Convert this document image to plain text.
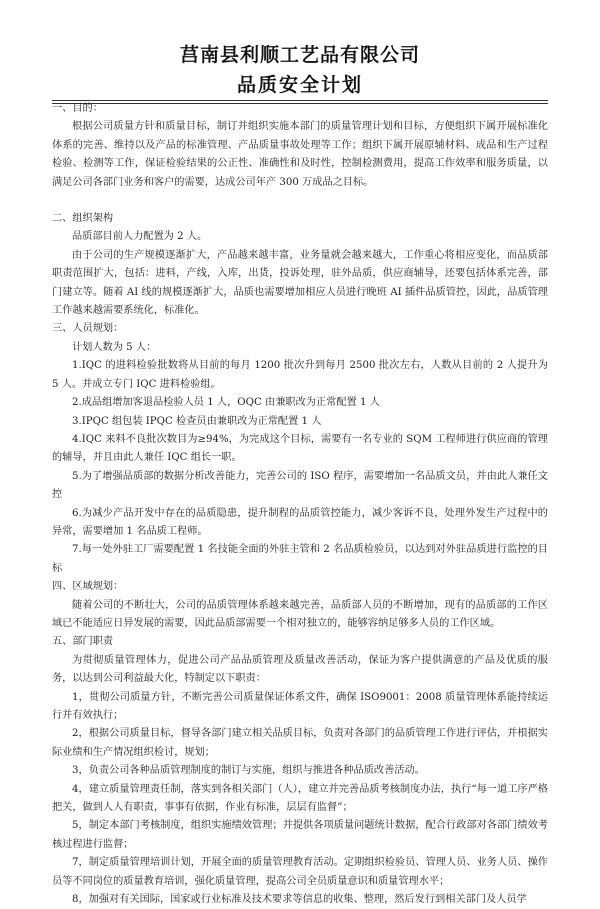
莒南县利顺工艺品有限公司
品质安全计划

一、目的：

根据公司质量方针和质量目标，制订并组织实施本部门的质量管理计划和目标，方便组织下属开展标准化体系的完善、维持以及产品的标准管理、产品质量事故处理等工作；组织下属开展原辅材料、成品和生产过程检验、检测等工作，保证检验结果的公正性、准确性和及时性，控制检测费用，提高工作效率和服务质量，以满足公司各部门业务和客户的需要，达成公司年产 300 万成品之目标。

二、组织架构

品质部目前人力配置为 2 人。

由于公司的生产规模逐渐扩大，产品越来越丰富，业务量就会越来越大，工作重心将相应变化，而品质部职责范围扩大，包括：进料，产线，入库，出货，投诉处理，驻外品质，供应商辅导，还要包括体系完善，部门建立等。随着 AI 线的规模逐渐扩大，品质也需要增加相应人员进行晚班 AI 插件品质管控，因此，品质管理工作越来越需要系统化，标准化。

三、人员规划：

计划人数为 5 人：

1.IQC 的进料检验批数将从目前的每月 1200 批次升到每月 2500 批次左右，人数从目前的 2 人提升为 5 人。并成立专门 IQC 进料检验组。

2.成品组增加客退品检验人员 1 人，OQC 由兼职改为正常配置 1 人

3.IPQC 组包装 IPQC 检查员由兼职改为正常配置 1 人

4.IQC 来料不良批次数目为≥94%，为完成这个目标，需要有一名专业的 SQM 工程师进行供应商的管理的辅导，并且由此人兼任 IQC 组长一职。

5.为了增强品质部的数据分析改善能力，完善公司的 ISO 程序，需要增加一名品质文员，并由此人兼任文控

6.为减少产品开发中存在的品质隐患，提升制程的品质管控能力，减少客诉不良，处理外发生产过程中的异常，需要增加 1 名品质工程师。

7.每一处外驻工厂需要配置 1 名技能全面的外驻主管和 2 名品质检验员，以达到对外驻品质进行监控的目标

四、区域规划：

随着公司的不断壮大，公司的品质管理体系越来越完善，品质部人员的不断增加，现有的品质部的工作区域已不能适应日异发展的需要，因此品质部需要一个相对独立的，能够容纳足够多人员的工作区域。

五、部门职责

为贯彻质量管理体力，促进公司产品品质管理及质量改善活动，保证为客户提供满意的产品及优质的服务，以达到公司利益最大化，特制定以下职责：

1，贯彻公司质量方针，不断完善公司质量保证体系文件，确保 ISO9001：2008 质量管理体系能持续运行并有效执行；

2，根据公司质量目标，督导各部门建立相关品质目标，负责对各部门的品质管理工作进行评估，并根据实际业绩和生产情况组织检讨，规划；

3，负责公司各种品质管理制度的制订与实施，组织与推进各种品质改善活动。

4，建立质量管理责任制，落实到各相关部门（人），建立并完善品质考核制度办法，执行“每一道工序严格把关，做到人人有职责，事事有依据，作业有标准，层层有监督”；

5，制定本部门考核制度，组织实施绩效管理；并提供各项质量问题统计数据，配合行政部对各部门绩效考核过程进行监督；

7，制定质量管理培训计划，开展全面的质量管理教育活动。定期组织检验员、管理人员、业务人员、操作员等不同岗位的质量教育培训，强化质量管理，提高公司全员质量意识和质量管理水平；

8，加强对有关国际，国家或行业标准及技术要求等信息的收集、整理，然后发行到相关部门及人员学
